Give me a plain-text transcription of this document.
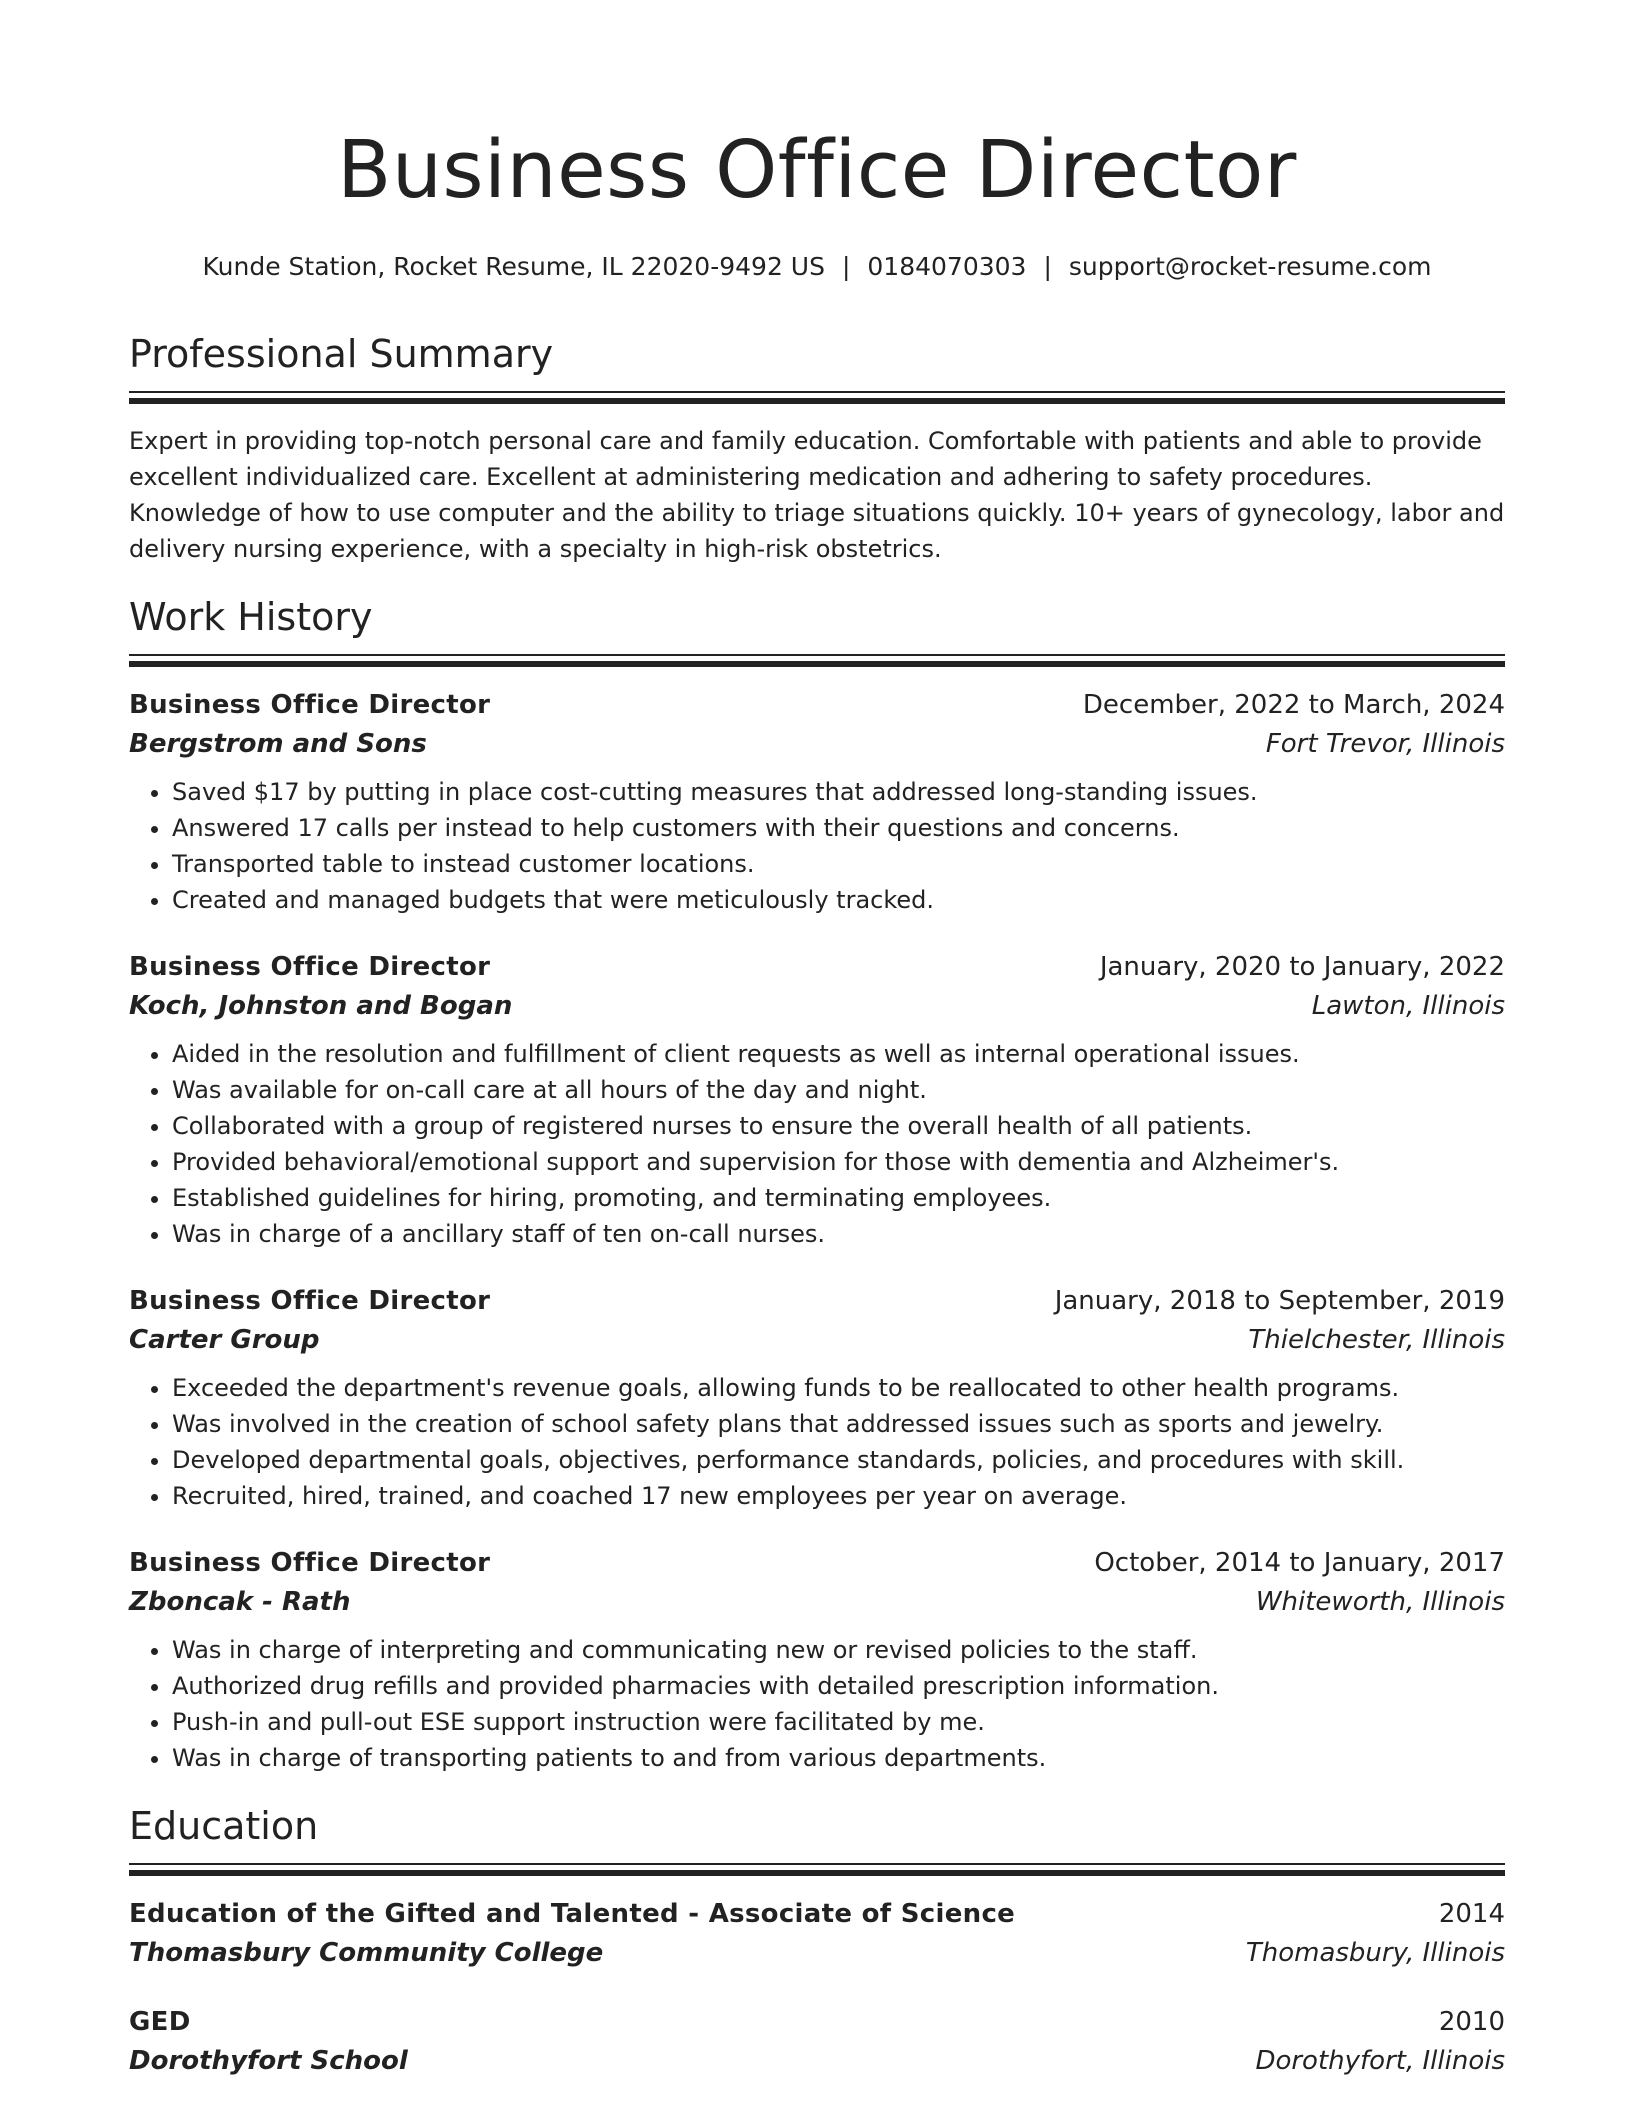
Business Office Director
Kunde Station, Rocket Resume, IL 22020-9492 US | 0184070303 | support@rocket-resume.com
Professional Summary

Expert in providing top-notch personal care and family education. Comfortable with patients and able to provide excellent individualized care. Excellent at administering medication and adhering to safety procedures. Knowledge of how to use computer and the ability to triage situations quickly. 10+ years of gynecology, labor and delivery nursing experience, with a specialty in high-risk obstetrics.

Work History
Business Office Director	December, 2022 to March, 2024
Bergstrom and Sons	Fort Trevor, Illinois
• Saved $17 by putting in place cost-cutting measures that addressed long-standing issues.
• Answered 17 calls per instead to help customers with their questions and concerns.
• Transported table to instead customer locations.
• Created and managed budgets that were meticulously tracked.
Business Office Director	January, 2020 to January, 2022
Koch, Johnston and Bogan	Lawton, Illinois
• Aided in the resolution and fulfillment of client requests as well as internal operational issues.
• Was available for on-call care at all hours of the day and night.
• Collaborated with a group of registered nurses to ensure the overall health of all patients.
• Provided behavioral/emotional support and supervision for those with dementia and Alzheimer's.
• Established guidelines for hiring, promoting, and terminating employees.
• Was in charge of a ancillary staff of ten on-call nurses.
Business Office Director	January, 2018 to September, 2019
Carter Group	Thielchester, Illinois
• Exceeded the department's revenue goals, allowing funds to be reallocated to other health programs.
• Was involved in the creation of school safety plans that addressed issues such as sports and jewelry.
• Developed departmental goals, objectives, performance standards, policies, and procedures with skill.
• Recruited, hired, trained, and coached 17 new employees per year on average.
Business Office Director	October, 2014 to January, 2017
Zboncak - Rath	Whiteworth, Illinois
• Was in charge of interpreting and communicating new or revised policies to the staff.
• Authorized drug refills and provided pharmacies with detailed prescription information.
• Push-in and pull-out ESE support instruction were facilitated by me.
• Was in charge of transporting patients to and from various departments.
Education
Education of the Gifted and Talented - Associate of Science	2014
Thomasbury Community College	Thomasbury, Illinois
GED	2010
Dorothyfort School	Dorothyfort, Illinois
